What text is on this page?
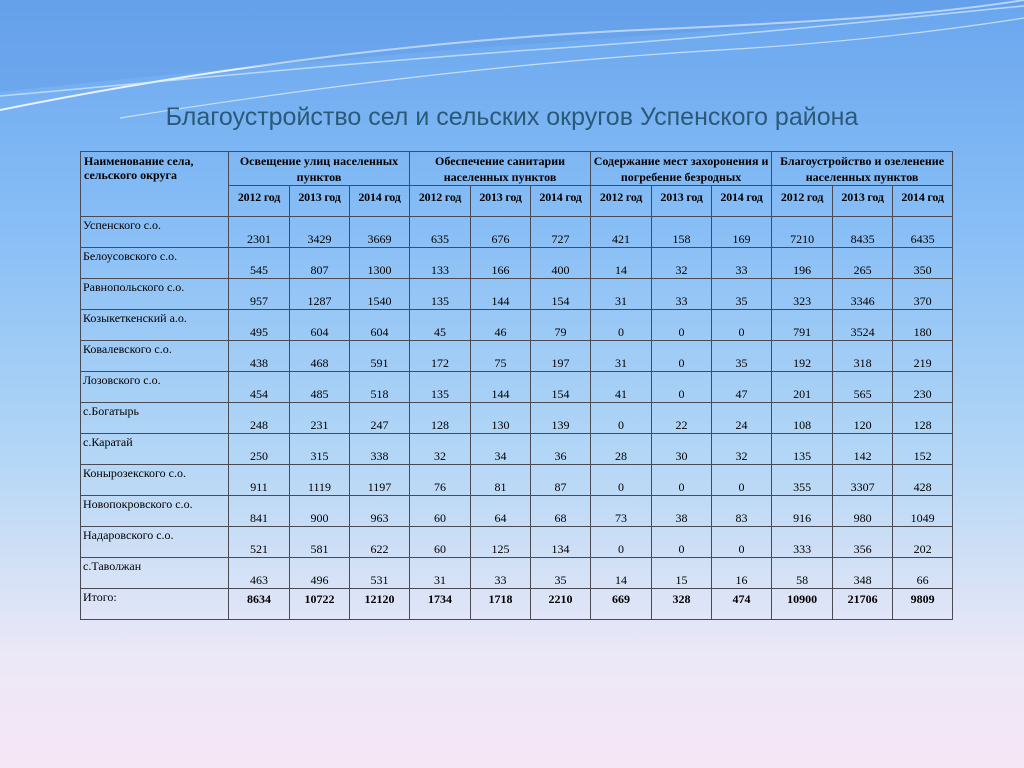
Благоустройство сел и сельских округов Успенского района
Наименование села, сельского округа	Освещение улиц населенных пунктов			Обеспечение санитарии населенных пунктов			Содержание мест захоронения и погребение безродных			Благоустройство и озеленение населенных пунктов		
	2012 год	2013 год	2014 год	2012 год	2013 год	2014 год	2012 год	2013 год	2014 год	2012 год	2013 год	2014 год
Успенского с.о.	2301	3429	3669	635	676	727	421	158	169	7210	8435	6435
Белоусовского с.о.	545	807	1300	133	166	400	14	32	33	196	265	350
Равнопольского с.о.	957	1287	1540	135	144	154	31	33	35	323	3346	370
Козыкеткенский а.о.	495	604	604	45	46	79	0	0	0	791	3524	180
Ковалевского с.о.	438	468	591	172	75	197	31	0	35	192	318	219
Лозовского с.о.	454	485	518	135	144	154	41	0	47	201	565	230
с.Богатырь	248	231	247	128	130	139	0	22	24	108	120	128
с.Каратай	250	315	338	32	34	36	28	30	32	135	142	152
Конырозекского с.о.	911	1119	1197	76	81	87	0	0	0	355	3307	428
Новопокровского с.о.	841	900	963	60	64	68	73	38	83	916	980	1049
Надаровского с.о.	521	581	622	60	125	134	0	0	0	333	356	202
с.Таволжан	463	496	531	31	33	35	14	15	16	58	348	66
Итого:	8634	10722	12120	1734	1718	2210	669	328	474	10900	21706	9809
